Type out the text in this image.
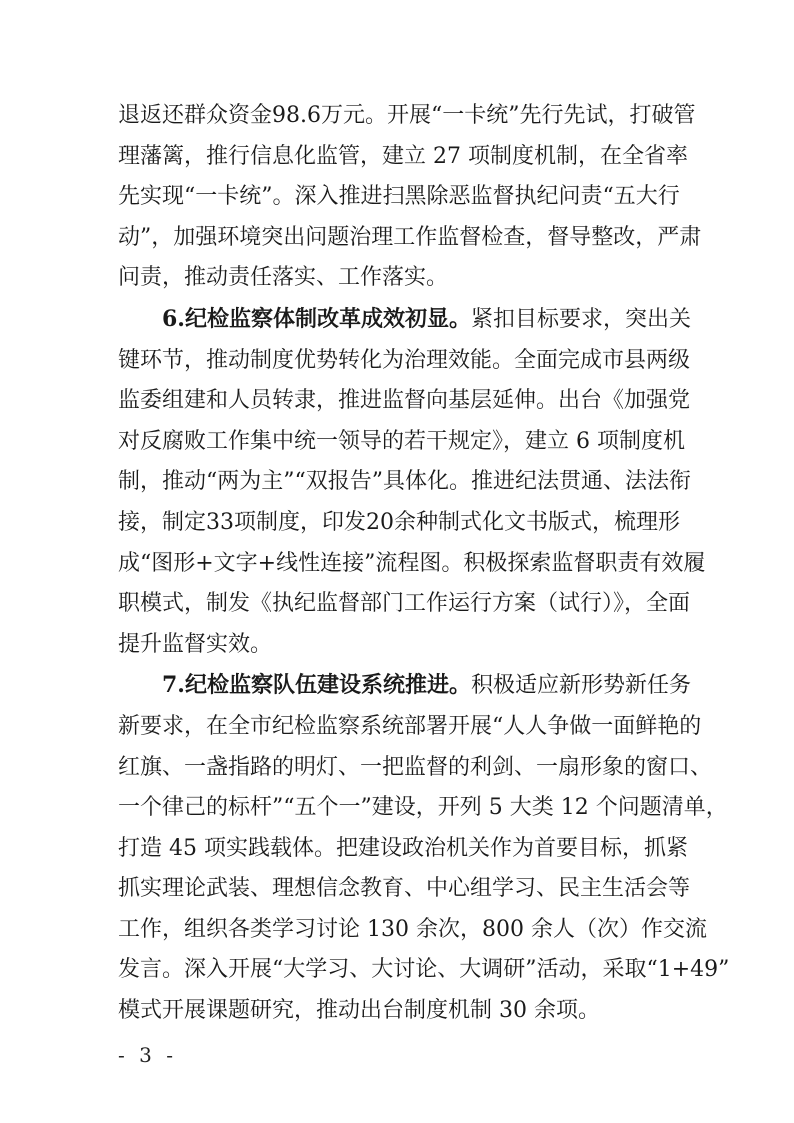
退返还群众资金98.6万元。开展“一卡统”先行先试，打破管
理藩篱，推行信息化监管，建立 27 项制度机制，在全省率
先实现“一卡统”。深入推进扫黑除恶监督执纪问责“五大行
动”，加强环境突出问题治理工作监督检查，督导整改，严肃
问责，推动责任落实、工作落实。

6.纪检监察体制改革成效初显。紧扣目标要求，突出关
键环节，推动制度优势转化为治理效能。全面完成市县两级
监委组建和人员转隶，推进监督向基层延伸。出台《加强党
对反腐败工作集中统一领导的若干规定》，建立 6 项制度机
制，推动“两为主”“双报告”具体化。推进纪法贯通、法法衔
接，制定33项制度，印发20余种制式化文书版式，梳理形
成“图形+文字+线性连接”流程图。积极探索监督职责有效履
职模式，制发《执纪监督部门工作运行方案（试行）》，全面
提升监督实效。

7.纪检监察队伍建设系统推进。积极适应新形势新任务
新要求，在全市纪检监察系统部署开展“人人争做一面鲜艳的
红旗、一盏指路的明灯、一把监督的利剑、一扇形象的窗口、
一个律己的标杆”“五个一”建设，开列 5 大类 12 个问题清单，
打造 45 项实践载体。把建设政治机关作为首要目标，抓紧
抓实理论武装、理想信念教育、中心组学习、民主生活会等
工作，组织各类学习讨论 130 余次，800 余人（次）作交流
发言。深入开展“大学习、大讨论、大调研”活动，采取“1+49”
模式开展课题研究，推动出台制度机制 30 余项。

- 3 -
